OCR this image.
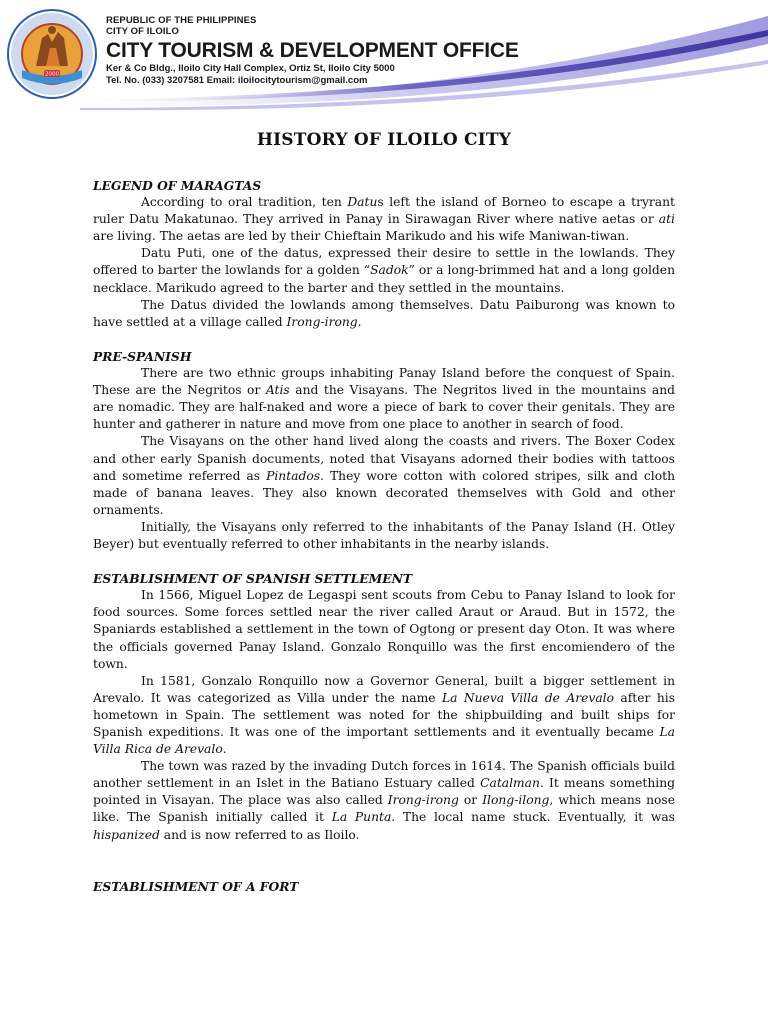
2000
REPUBLIC OF THE PHILIPPINES
CITY OF ILOILO
CITY TOURISM & DEVELOPMENT OFFICE
Ker & Co Bldg., Iloilo City Hall Complex, Ortiz St, Iloilo City 5000
Tel. No. (033) 3207581 Email: iloilocitytourism@gmail.com
HISTORY OF ILOILO CITY
LEGEND OF MARAGTAS
According to oral tradition, ten Datus left the island of Borneo to escape a tryrant ruler Datu Makatunao. They arrived in Panay in Sirawagan River where native aetas or ati are living. The aetas are led by their Chieftain Marikudo and his wife Maniwan-tiwan.
Datu Puti, one of the datus, expressed their desire to settle in the lowlands. They offered to barter the lowlands for a golden “Sadok” or a long-brimmed hat and a long golden necklace. Marikudo agreed to the barter and they settled in the mountains.
The Datus divided the lowlands among themselves. Datu Paiburong was known to have settled at a village called Irong-irong.
PRE-SPANISH
There are two ethnic groups inhabiting Panay Island before the conquest of Spain. These are the Negritos or Atis and the Visayans. The Negritos lived in the mountains and are nomadic. They are half-naked and wore a piece of bark to cover their genitals. They are hunter and gatherer in nature and move from one place to another in search of food.
The Visayans on the other hand lived along the coasts and rivers. The Boxer Codex and other early Spanish documents, noted that Visayans adorned their bodies with tattoos and sometime referred as Pintados. They wore cotton with colored stripes, silk and cloth made of banana leaves. They also known decorated themselves with Gold and other ornaments.
Initially, the Visayans only referred to the inhabitants of the Panay Island (H. Otley Beyer) but eventually referred to other inhabitants in the nearby islands.
ESTABLISHMENT OF SPANISH SETTLEMENT
In 1566, Miguel Lopez de Legaspi sent scouts from Cebu to Panay Island to look for food sources. Some forces settled near the river called Araut or Araud. But in 1572, the Spaniards established a settlement in the town of Ogtong or present day Oton. It was where the officials governed Panay Island. Gonzalo Ronquillo was the first encomiendero of the town.
In 1581, Gonzalo Ronquillo now a Governor General, built a bigger settlement in Arevalo. It was categorized as Villa under the name La Nueva Villa de Arevalo after his hometown in Spain. The settlement was noted for the shipbuilding and built ships for Spanish expeditions. It was one of the important settlements and it eventually became La Villa Rica de Arevalo.
The town was razed by the invading Dutch forces in 1614. The Spanish officials build another settlement in an Islet in the Batiano Estuary called Catalman. It means something pointed in Visayan. The place was also called Irong-irong or Ilong-ilong, which means nose like. The Spanish initially called it La Punta. The local name stuck. Eventually, it was hispanized and is now referred to as Iloilo.
ESTABLISHMENT OF A FORT
